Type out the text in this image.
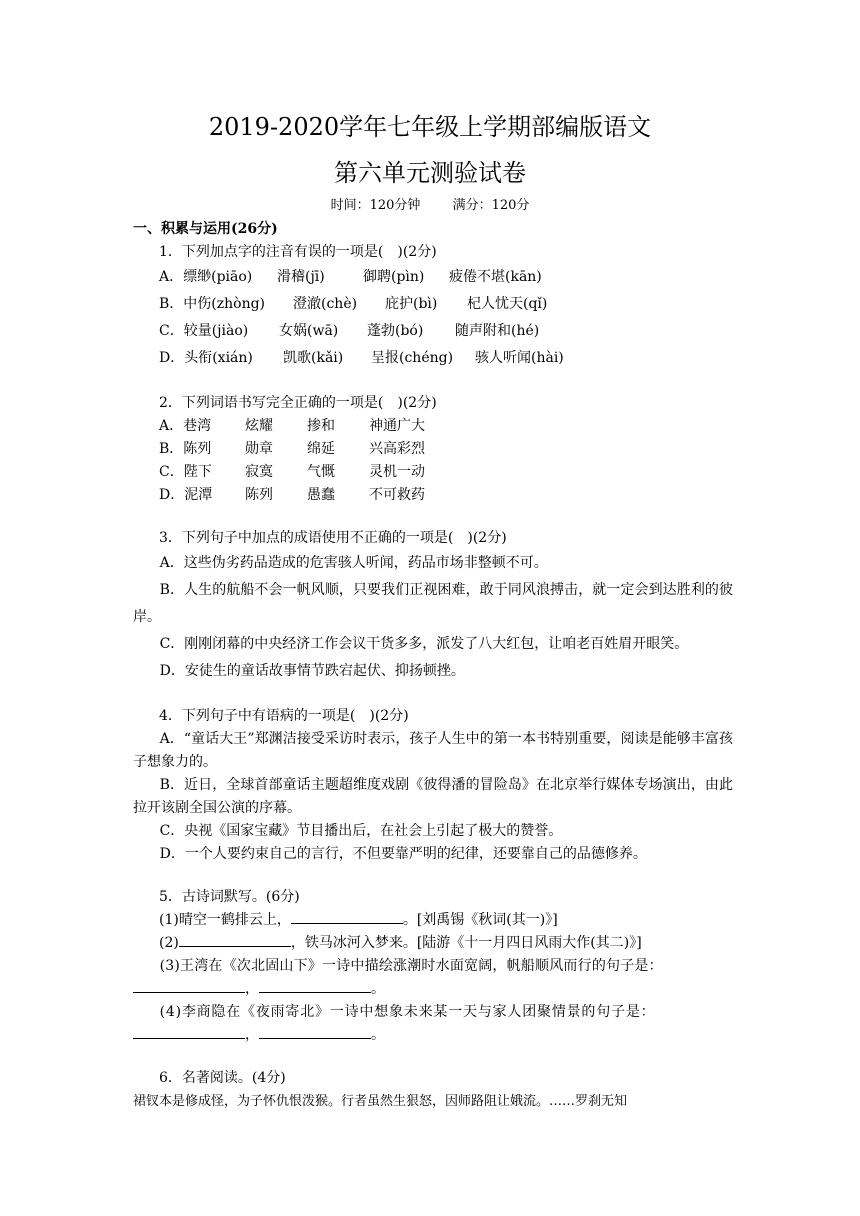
2019-2020学年七年级上学期部编版语文
第六单元测验试卷
时间：120分钟 满分：120分
一、积累与运用(26分)
1．下列加点字的注音有误的一项是(　)(2分)
A．缥缈(piāo)	滑稽(jī)	御聘(pìn)	疲倦不堪(kān)
B．中伤(zhòng)	澄澈(chè)	庇护(bì)	杞人忧天(qǐ)
C．较量(jiào)	女娲(wā)	蓬勃(bó)	随声附和(hé)
D．头衔(xián)	凯歌(kǎi)	呈报(chéng)	骇人听闻(hài)
2．下列词语书写完全正确的一项是(　)(2分)
A．巷湾	炫耀	掺和	神通广大
B．陈列	勋章	绵延	兴高彩烈
C．陛下	寂寞	气慨	灵机一动
D．泥潭	陈列	愚蠢	不可救药
3．下列句子中加点的成语使用不正确的一项是(　)(2分)
A．这些伪劣药品造成的危害骇人听闻，药品市场非整顿不可。
B．人生的航船不会一帆风顺，只要我们正视困难，敢于同风浪搏击，就一定会到达胜利的彼岸。
C．刚刚闭幕的中央经济工作会议干货多多，派发了八大红包，让咱老百姓眉开眼笑。
D．安徒生的童话故事情节跌宕起伏、抑扬顿挫。
4．下列句子中有语病的一项是(　)(2分)
A．“童话大王”郑渊洁接受采访时表示，孩子人生中的第一本书特别重要，阅读是能够丰富孩子想象力的。
B．近日，全球首部童话主题超维度戏剧《彼得潘的冒险岛》在北京举行媒体专场演出，由此拉开该剧全国公演的序幕。
C．央视《国家宝藏》节目播出后，在社会上引起了极大的赞誉。
D．一个人要约束自己的言行，不但要靠严明的纪律，还要靠自己的品德修养。
5．古诗词默写。(6分)
(1)晴空一鹤排云上，	。[刘禹锡《秋词(其一)》]
(2)	，铁马冰河入梦来。[陆游《十一月四日风雨大作(其二)》]
(3)王湾在《次北固山下》一诗中描绘涨潮时水面宽阔，帆船顺风而行的句子是：
，	。
(4)李商隐在《夜雨寄北》一诗中想象未来某一天与家人团聚情景的句子是：
，	。
6．名著阅读。(4分)
裙钗本是修成怪，为子怀仇恨泼猴。行者虽然生狠怒，因师路阻让娥流。……罗刹无知
